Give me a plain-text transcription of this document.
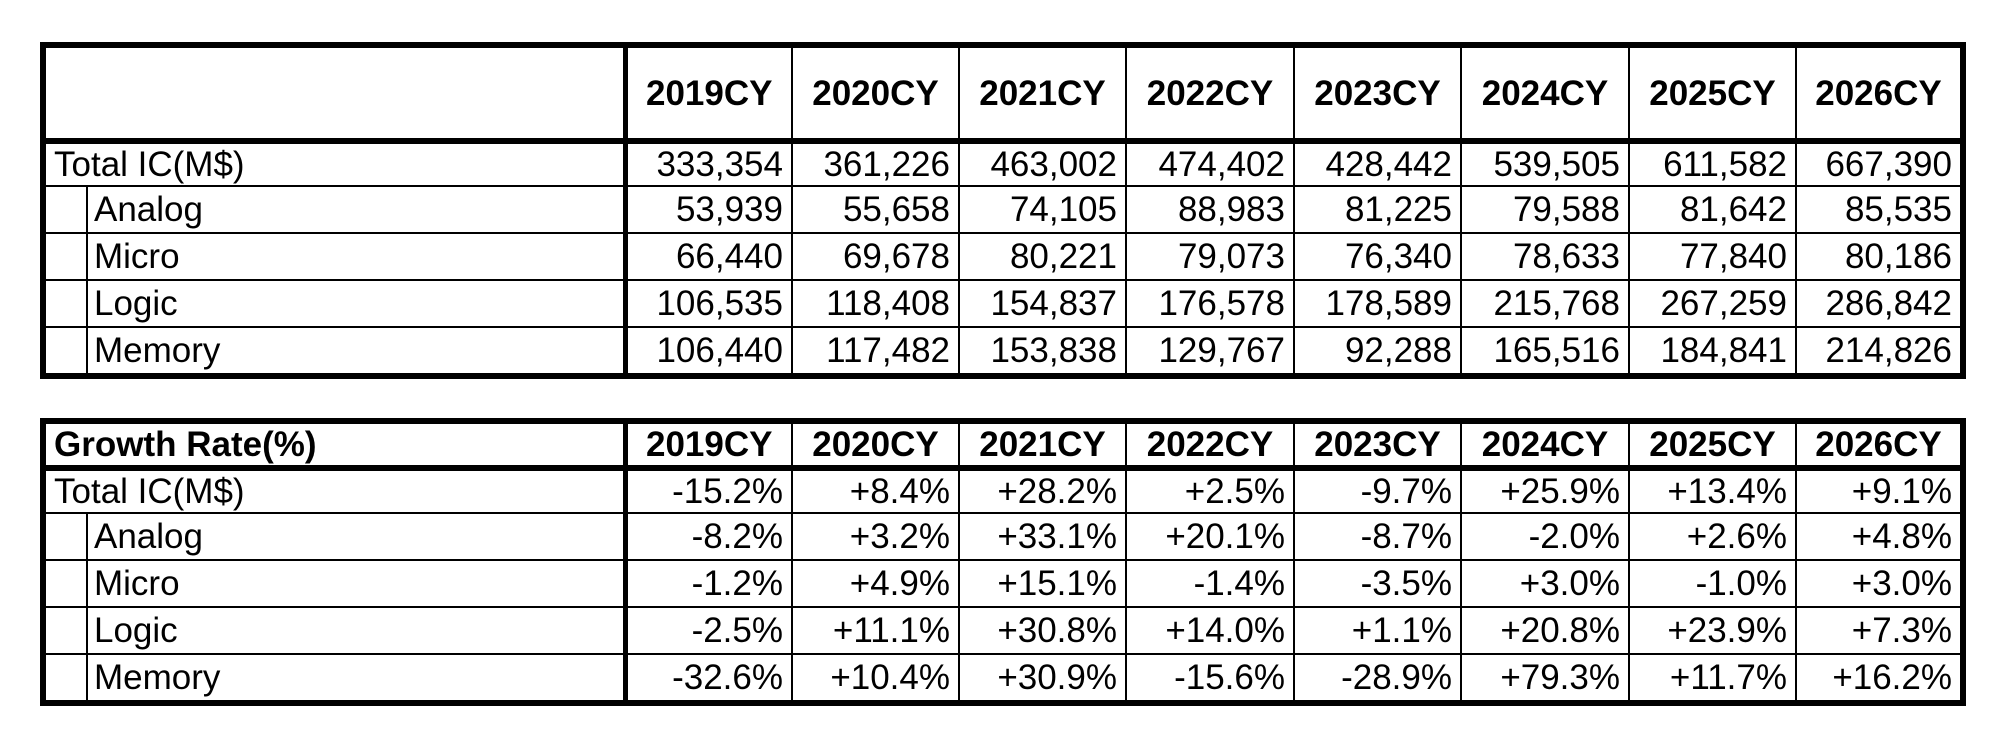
	2019CY	2020CY	2021CY	2022CY	2023CY	2024CY	2025CY	2026CY
Total IC(M$)	333,354	361,226	463,002	474,402	428,442	539,505	611,582	667,390
Analog	53,939	55,658	74,105	88,983	81,225	79,588	81,642	85,535
Micro	66,440	69,678	80,221	79,073	76,340	78,633	77,840	80,186
Logic	106,535	118,408	154,837	176,578	178,589	215,768	267,259	286,842
Memory	106,440	117,482	153,838	129,767	92,288	165,516	184,841	214,826
Growth Rate(%)	2019CY	2020CY	2021CY	2022CY	2023CY	2024CY	2025CY	2026CY
Total IC(M$)	-15.2%	+8.4%	+28.2%	+2.5%	-9.7%	+25.9%	+13.4%	+9.1%
Analog	-8.2%	+3.2%	+33.1%	+20.1%	-8.7%	-2.0%	+2.6%	+4.8%
Micro	-1.2%	+4.9%	+15.1%	-1.4%	-3.5%	+3.0%	-1.0%	+3.0%
Logic	-2.5%	+11.1%	+30.8%	+14.0%	+1.1%	+20.8%	+23.9%	+7.3%
Memory	-32.6%	+10.4%	+30.9%	-15.6%	-28.9%	+79.3%	+11.7%	+16.2%
